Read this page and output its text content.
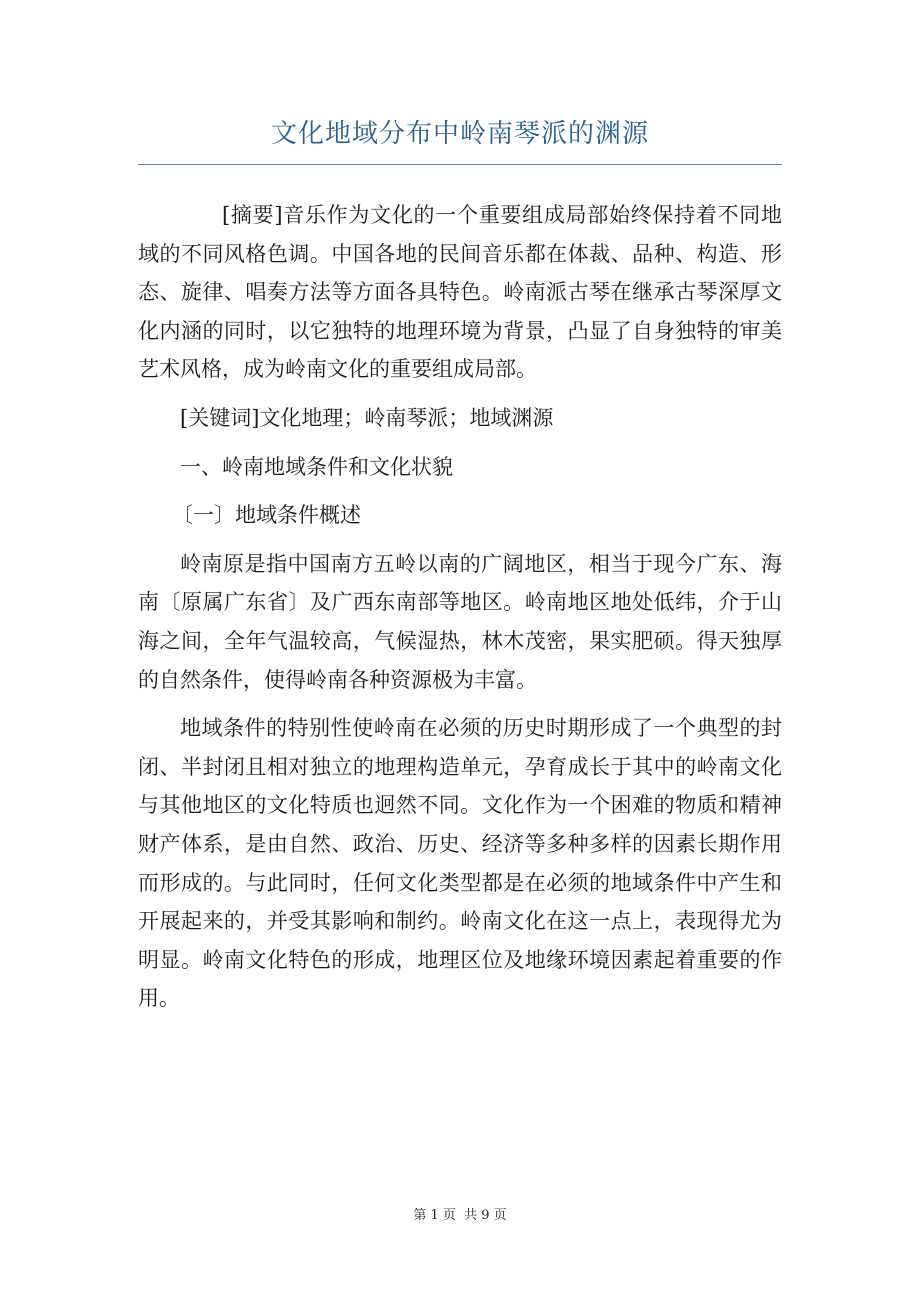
文化地域分布中岭南琴派的渊源

[摘要]音乐作为文化的一个重要组成局部始终保持着不同地域的不同风格色调。中国各地的民间音乐都在体裁、品种、构造、形态、旋律、唱奏方法等方面各具特色。岭南派古琴在继承古琴深厚文化内涵的同时，以它独特的地理环境为背景，凸显了自身独特的审美艺术风格，成为岭南文化的重要组成局部。

[关键词]文化地理；岭南琴派；地域渊源

一、岭南地域条件和文化状貌

〔一〕地域条件概述

岭南原是指中国南方五岭以南的广阔地区，相当于现今广东、海南〔原属广东省〕及广西东南部等地区。岭南地区地处低纬，介于山海之间，全年气温较高，气候湿热，林木茂密，果实肥硕。得天独厚的自然条件，使得岭南各种资源极为丰富。

地域条件的特别性使岭南在必须的历史时期形成了一个典型的封闭、半封闭且相对独立的地理构造单元，孕育成长于其中的岭南文化与其他地区的文化特质也迥然不同。文化作为一个困难的物质和精神财产体系，是由自然、政治、历史、经济等多种多样的因素长期作用而形成的。与此同时，任何文化类型都是在必须的地域条件中产生和开展起来的，并受其影响和制约。岭南文化在这一点上，表现得尤为明显。岭南文化特色的形成，地理区位及地缘环境因素起着重要的作用。

第 1 页 共 9 页
